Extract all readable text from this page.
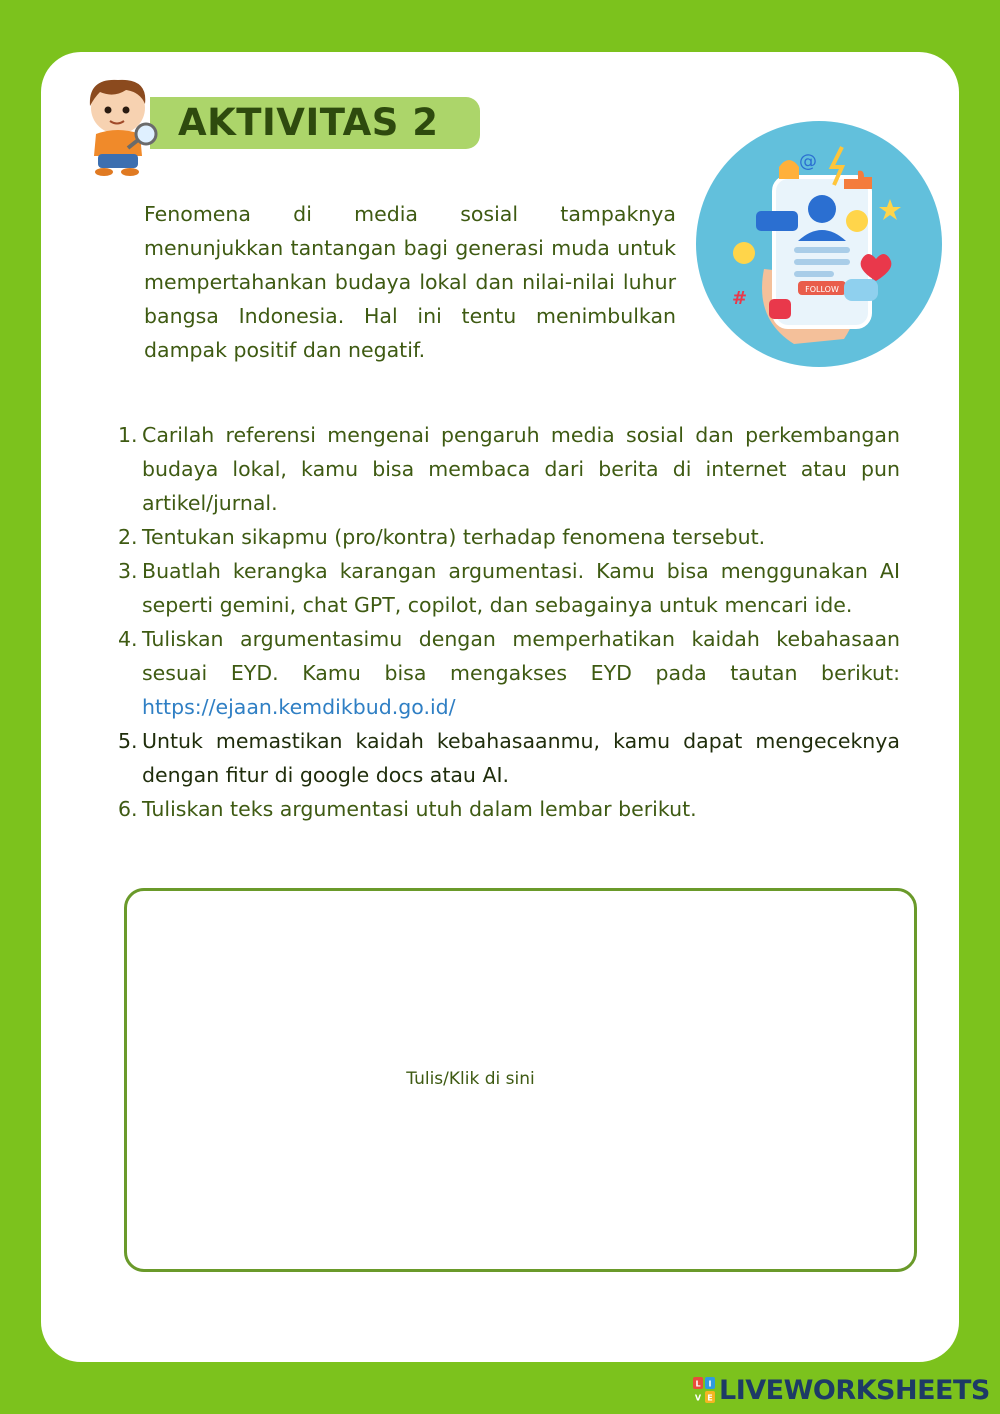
AKTIVITAS 2
FOLLOW
@
#

Fenomena di media sosial tampaknya menunjukkan tantangan bagi generasi muda untuk mempertahankan budaya lokal dan nilai-nilai luhur bangsa Indonesia. Hal ini tentu menimbulkan dampak positif dan negatif.

1. Carilah referensi mengenai pengaruh media sosial dan perkembangan budaya lokal, kamu bisa membaca dari berita di internet atau pun artikel/jurnal.
2. Tentukan sikapmu (pro/kontra) terhadap fenomena tersebut.
3. Buatlah kerangka karangan argumentasi. Kamu bisa menggunakan AI seperti gemini, chat GPT, copilot, dan sebagainya untuk mencari ide.
4. Tuliskan argumentasimu dengan memperhatikan kaidah kebahasaan sesuai EYD. Kamu bisa mengakses EYD pada tautan berikut: https://ejaan.kemdikbud.go.id/
5. Untuk memastikan kaidah kebahasaanmu, kamu dapat mengeceknya dengan fitur di google docs atau AI.
6. Tuliskan teks argumentasi utuh dalam lembar berikut.
Tulis/Klik di sini
L I
V E LIVEWORKSHEETS
